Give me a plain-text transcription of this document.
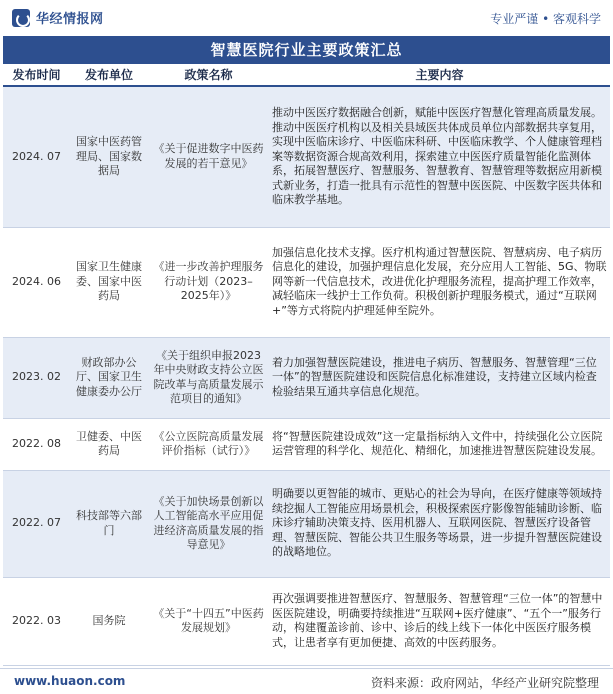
华经情报网	专业严谨 • 客观科学
智慧医院行业主要政策汇总
发布时间	发布单位	政策名称	主要内容
2024. 07	国家中医药管理局、国家数据局	《关于促进数字中医药发展的若干意见》	推动中医医疗数据融合创新，赋能中医医疗智慧化管理高质量发展。推动中医医疗机构以及相关县域医共体成员单位内部数据共享复用，实现中医临床诊疗、中医临床科研、中医临床教学、个人健康管理档案等数据资源合规高效利用，探索建立中医医疗质量智能化监测体系，拓展智慧医疗、智慧服务、智慧教育、智慧管理等数据应用新模式新业务，打造一批具有示范性的智慧中医医院、中医数字医共体和临床教学基地。
2024. 06	国家卫生健康委、国家中医药局	《进一步改善护理服务行动计划（2023–2025年）》	加强信息化技术支撑。医疗机构通过智慧医院、智慧病房、电子病历信息化的建设，加强护理信息化发展，充分应用人工智能、5G、物联网等新一代信息技术，改进优化护理服务流程，提高护理工作效率，减轻临床一线护士工作负荷。积极创新护理服务模式，通过“互联网+”等方式将院内护理延伸至院外。
2023. 02	财政部办公厅、国家卫生健康委办公厅	《关于组织申报2023年中央财政支持公立医院改革与高质量发展示范项目的通知》	着力加强智慧医院建设，推进电子病历、智慧服务、智慧管理“三位一体”的智慧医院建设和医院信息化标准建设，支持建立区域内检查检验结果互通共享信息化规范。
2022. 08	卫健委、中医药局	《公立医院高质量发展评价指标（试行）》	将“智慧医院建设成效”这一定量指标纳入文件中，持续强化公立医院运营管理的科学化、规范化、精细化，加速推进智慧医院建设发展。
2022. 07	科技部等六部门	《关于加快场景创新以人工智能高水平应用促进经济高质量发展的指导意见》	明确要以更智能的城市、更贴心的社会为导向，在医疗健康等领域持续挖掘人工智能应用场景机会，积极探索医疗影像智能辅助诊断、临床诊疗辅助决策支持、医用机器人、互联网医院、智慧医疗设备管理、智慧医院、智能公共卫生服务等场景，进一步提升智慧医院建设的战略地位。
2022. 03	国务院	《关于“十四五”中医药发展规划》	再次强调要推进智慧医疗、智慧服务、智慧管理“三位一体”的智慧中医医院建设，明确要持续推进“互联网+医疗健康”、“五个一”服务行动，构建覆盖诊前、诊中、诊后的线上线下一体化中医医疗服务模式，让患者享有更加便捷、高效的中医药服务。
www.huaon.com	资料来源：政府网站，华经产业研究院整理
